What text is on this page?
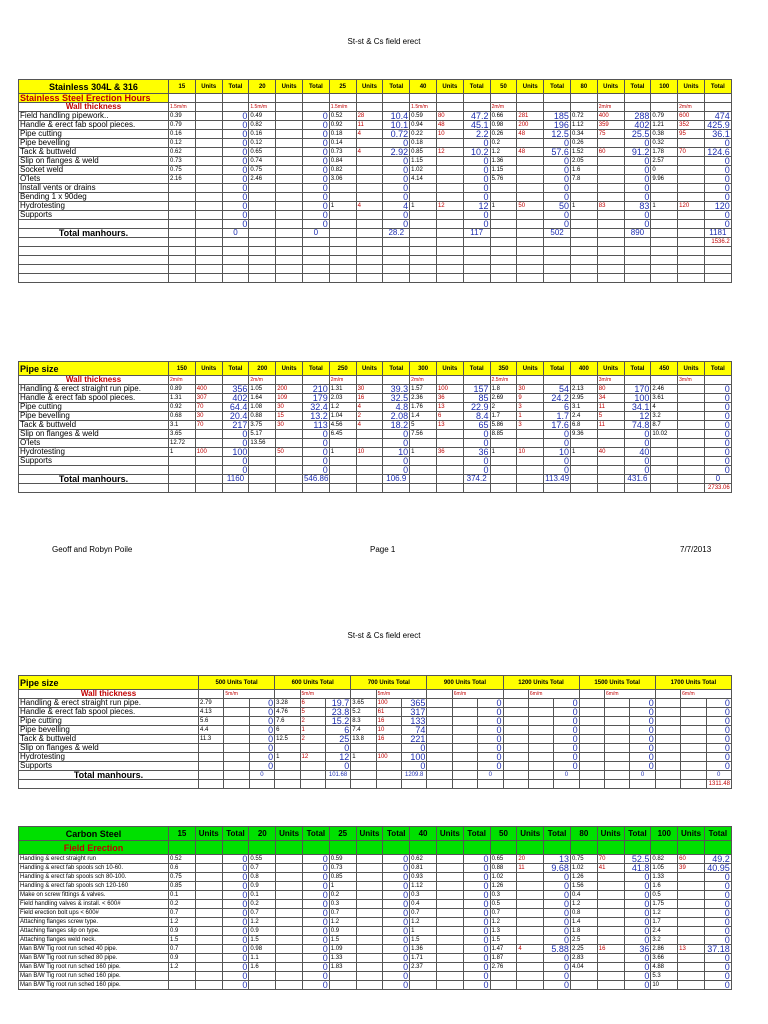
St-st & Cs field erect
Stainless 304L & 316	15	Units	Total	20	Units	Total	25	Units	Total	40	Units	Total	50	Units	Total	80	Units	Total	100	Units	Total
Stainless Steel Erection Hours																					
Wall thickness	1.5m/m			1.5m/m			1.5m/m			1.5m/m			2m/m				2m/m			2m/m	
Field handling pipework..	0.39		0	0.49		0	0.52	28	10.4	0.59	80	47.2	0.66	281	185	0.72	400	288	0.79	600	474
Handle & erect fab spool pieces.	0.79		0	0.82		0	0.92	11	10.1	0.94	48	45.1	0.98	200	196	1.12	359	402	1.21	352	425.9
Pipe cutting	0.16		0	0.16		0	0.18	4	0.72	0.22	10	2.2	0.26	48	12.5	0.34	75	25.5	0.38	95	36.1
Pipe bevelling	0.12		0	0.12		0	0.14		0	0.18		0	0.2		0	0.26		0	0.32		0
Tack & buttweld	0.62		0	0.65		0	0.73	4	2.92	0.85	12	10.2	1.2	48	57.6	1.52	60	91.2	1.78	70	124.6
Slip on flanges & weld	0.73		0	0.74		0	0.84		0	1.15		0	1.36		0	2.05		0	2.57		0
Socket weld	0.75		0	0.75		0	0.82		0	1.02		0	1.15		0	1.6		0	0		0
O'lets	2.16		0	2.46		0	3.06		0	4.14		0	5.76		0	7.8		0	9.96		0
Install vents or drains			0			0			0			0			0			0			0
Bending 1 x 90deg			0			0			0			0			0			0			0
Hydrotesting			0			0	1	4	4	1	12	12	1	50	50	1	83	83	1	120	120
Supports			0			0			0			0			0			0			0
			0			0			0			0			0			0			0
Total manhours.			0			0			28.2			117			502			890			1181
																					1536.2

Pipe size	150	Units	Total	200	Units	Total	250	Units	Total	300	Units	Total	350	Units	Total	400	Units	Total	450	Units	Total
Wall thickness	2m/m			2m/m			2m/m			2m/m			2.5m/m				3m/m			3m/m	
Handling & erect straight run pipe.	0.89	400	356	1.05	200	210	1.31	30	39.3	1.57	100	157	1.8	30	54	2.13	80	170	2.46		0
Handle & erect fab spool pieces.	1.31	307	402	1.64	109	179	2.03	16	32.5	2.36	36	85	2.69	9	24.2	2.95	34	100	3.61		0
Pipe cutting	0.92	70	64.4	1.08	30	32.4	1.2	4	4.8	1.76	13	22.9	2	3	6	3.1	11	34.1	4		0
Pipe bevelling	0.68	30	20.4	0.88	15	13.2	1.04	2	2.08	1.4	6	8.4	1.7	1	1.7	2.4	5	12	3.2		0
Tack & buttweld	3.1	70	217	3.75	30	113	4.56	4	18.2	5	13	65	5.86	3	17.6	6.8	11	74.8	8.7		0
Slip on flanges & weld	3.65		0	5.17		0	6.45		0	7.56		0	8.85		0	9.36		0	10.02		0
O'lets	12.72		0	13.56		0			0			0			0			0			0
Hydrotesting	1	100	100		50	0	1	10	10	1	36	36	1	10	10	1	40	40			0
Supports			0			0			0			0			0			0			0
			0			0			0			0			0			0			0
Total manhours.			1160			546.86			106.9			374.2			113.49			431.6			0
																					2733.06
Geoff and Robyn Poile	Page 1	7/7/2013
St-st & Cs field erect
Pipe size	500 Units Total			600 Units Total			700 Units Total			900 Units Total			1200 Units Total			1500 Units Total			1700 Units Total		
Wall thickness		5m/m			5m/m			5m/m			6m/m			6m/m			6m/m			6m/m	
Handling & erect straight run pipe.	2.79		0	3.28	6	19.7	3.65	100	365			0			0			0			0
Handle & erect fab spool pieces.	4.13		0	4.76	5	23.8	5.2	61	317			0			0			0			0
Pipe cutting	5.6		0	7.6	2	15.2	8.3	16	133			0			0			0			0
Pipe bevelling	4.4		0	6	1	6	7.4	10	74			0			0			0			0
Tack & buttweld	11.3		0	12.5	2	25	13.8	16	221			0			0			0			0
Slip on flanges & weld			0			0			0			0			0			0			0
Hydrotesting			0	1	12	12	1	100	100			0			0			0			0
Supports			0			0			0			0			0			0			0
Total manhours.			0			101.68			1209.8			0			0			0			0
																					1311.48
Carbon Steel	15	Units	Total	20	Units	Total	25	Units	Total	40	Units	Total	50	Units	Total	80	Units	Total	100	Units	Total
Field Erection																					
Handling & erect straight run	0.52		0	0.55		0	0.59		0	0.62		0	0.65	20	13	0.75	70	52.5	0.82	60	49.2
Handling & erect fab spools sch 10-60.	0.6		0	0.7		0	0.73		0	0.81		0	0.88	11	9.68	1.02	41	41.8	1.05	39	40.95
Handling & erect fab spools sch 80-100.	0.75		0	0.8		0	0.85		0	0.93		0	1.02		0	1.26		0	1.33		0
Handling & erect fab spools sch 120-160	0.85		0	0.9		0	1		0	1.12		0	1.26		0	1.56		0	1.6		0
Make on screw fittings & valves.	0.1		0	0.1		0	0.2		0	0.3		0	0.3		0	0.4		0	0.5		0
Field handling valves & install. < 600#	0.2		0	0.2		0	0.3		0	0.4		0	0.5		0	1.2		0	1.75		0
Field erection bolt ups < 600#	0.7		0	0.7		0	0.7		0	0.7		0	0.7		0	0.8		0	1.2		0
Attaching flanges screw type.	1.2		0	1.2		0	1.2		0	1.2		0	1.2		0	1.4		0	1.7		0
Attaching flanges slip on type.	0.9		0	0.9		0	0.9		0	1		0	1.3		0	1.8		0	2.4		0
Attaching flanges weld neck.	1.5		0	1.5		0	1.5		0	1.5		0	1.5		0	2.5		0	3.2		0
Man B/W Tig root run sched 40 pipe.	0.7		0	0.98		0	1.09		0	1.36		0	1.47	4	5.88	2.25	16	36	2.86	13	37.18
Man B/W Tig root run sched 80 pipe.	0.9		0	1.1		0	1.33		0	1.71		0	1.87		0	2.83		0	3.66		0
Man B/W Tig root run sched 160 pipe.	1.2		0	1.6		0	1.83		0	2.37		0	2.76		0	4.04		0	4.88		0
Man B/W Tig root run sched 160 pipe.			0			0			0			0			0			0	5.3		0
Man B/W Tig root run sched 160 pipe.			0			0			0			0			0			0	10		0
